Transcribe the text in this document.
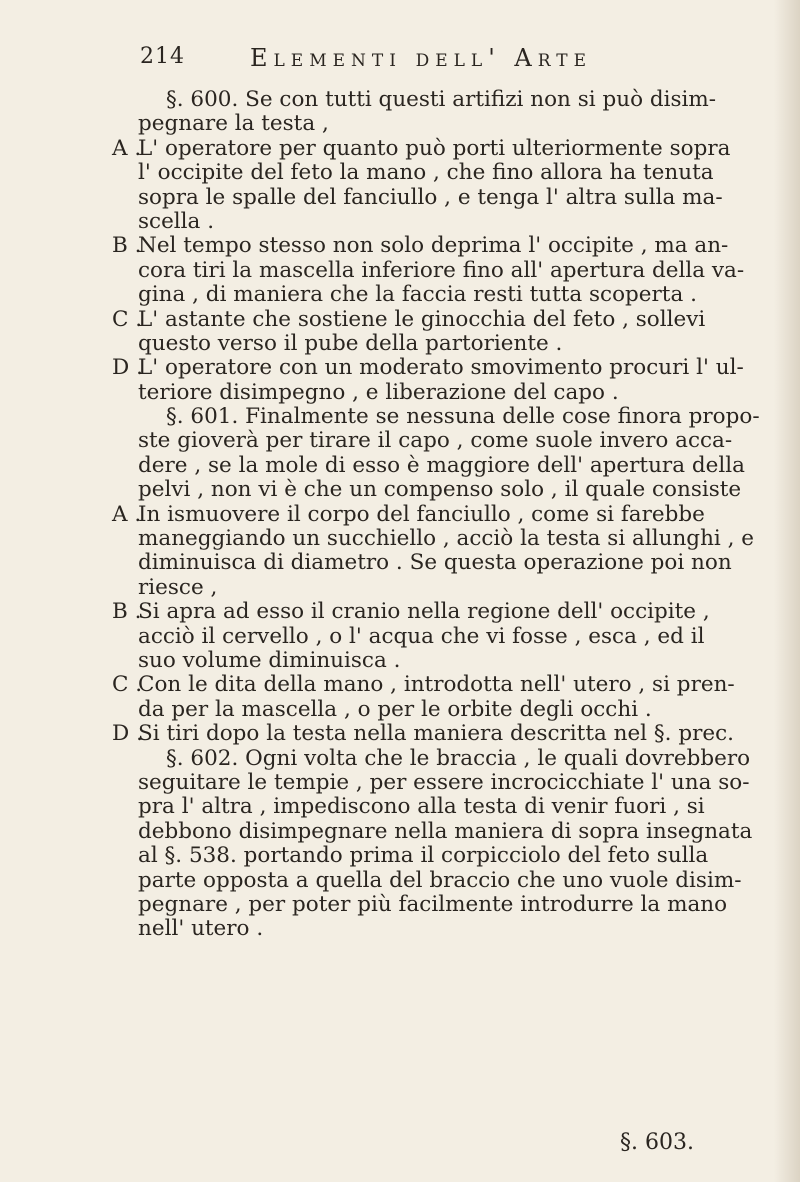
214	Elementi dell' Arte
§. 600. Se con tutti questi artifizi non si può disim-
pegnare la testa ,
A .
L' operatore per quanto può porti ulteriormente sopra
l' occipite del feto la mano , che fino allora ha tenuta
sopra le spalle del fanciullo , e tenga l' altra sulla ma-
scella .
B .
Nel tempo stesso non solo deprima l' occipite , ma an-
cora tiri la mascella inferiore fino all' apertura della va-
gina , di maniera che la faccia resti tutta scoperta .
C .
L' astante che sostiene le ginocchia del feto , sollevi
questo verso il pube della partoriente .
D .
L' operatore con un moderato smovimento procuri l' ul-
teriore disimpegno , e liberazione del capo .
§. 601. Finalmente se nessuna delle cose finora propo-
ste gioverà per tirare il capo , come suole invero acca-
dere , se la mole di esso è maggiore dell' apertura della
pelvi , non vi è che un compenso solo , il quale consiste
A .
In ismuovere il corpo del fanciullo , come si farebbe
maneggiando un succhiello , acciò la testa si allunghi , e
diminuisca di diametro . Se questa operazione poi non
riesce ,
B .
Si apra ad esso il cranio nella regione dell' occipite ,
acciò il cervello , o l' acqua che vi fosse , esca , ed il
suo volume diminuisca .
C .
Con le dita della mano , introdotta nell' utero , si pren-
da per la mascella , o per le orbite degli occhi .
D .
Si tiri dopo la testa nella maniera descritta nel §. prec.
§. 602. Ogni volta che le braccia , le quali dovrebbero
seguitare le tempie , per essere incrocicchiate l' una so-
pra l' altra , impediscono alla testa di venir fuori , si
debbono disimpegnare nella maniera di sopra insegnata
al §. 538. portando prima il corpicciolo del feto sulla
parte opposta a quella del braccio che uno vuole disim-
pegnare , per poter più facilmente introdurre la mano
nell' utero .
§. 603.
